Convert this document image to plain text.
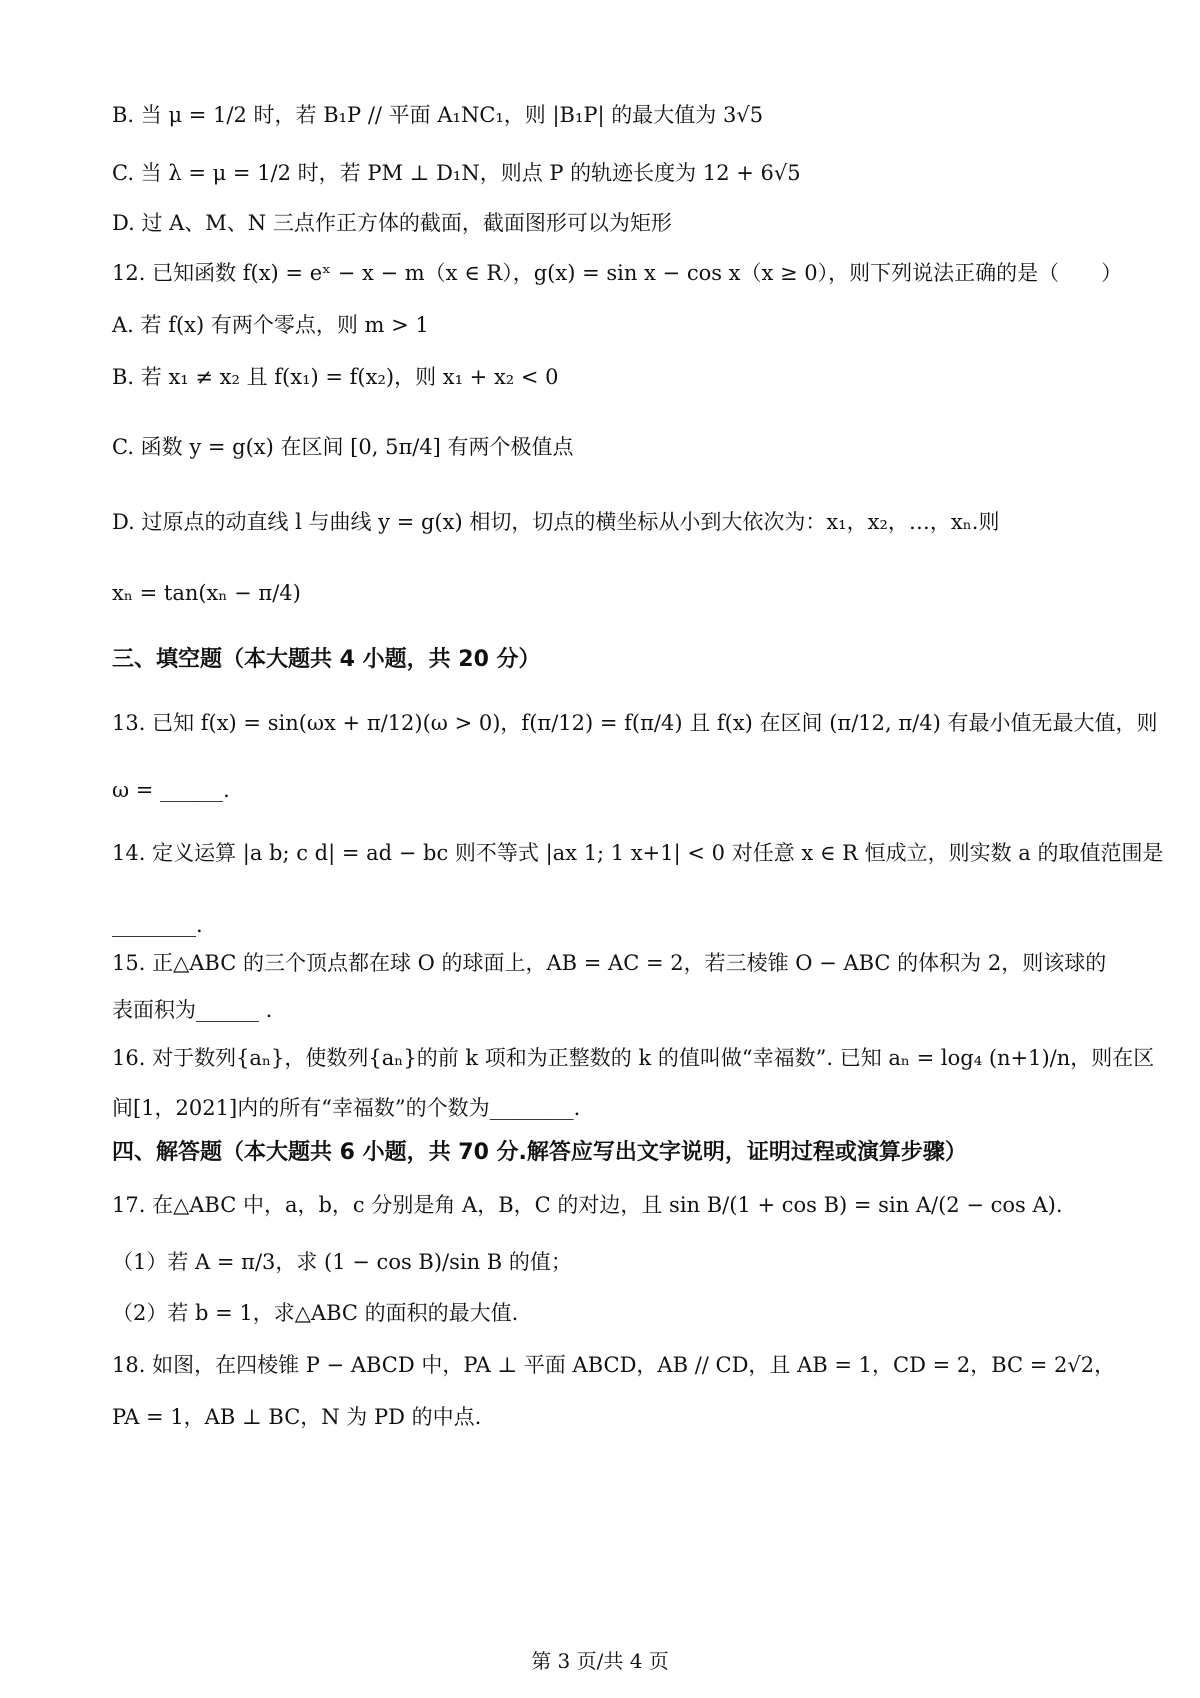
B. 当 μ = 1/2 时，若 B₁P // 平面 A₁NC₁，则 |B₁P| 的最大值为 3√5
C. 当 λ = μ = 1/2 时，若 PM ⊥ D₁N，则点 P 的轨迹长度为 12 + 6√5
D. 过 A、M、N 三点作正方体的截面，截面图形可以为矩形
12. 已知函数 f(x) = eˣ − x − m（x ∈ R），g(x) = sin x − cos x（x ≥ 0），则下列说法正确的是（　　）
A. 若 f(x) 有两个零点，则 m > 1
B. 若 x₁ ≠ x₂ 且 f(x₁) = f(x₂)，则 x₁ + x₂ < 0
C. 函数 y = g(x) 在区间 [0, 5π/4] 有两个极值点
D. 过原点的动直线 l 与曲线 y = g(x) 相切，切点的横坐标从小到大依次为：x₁，x₂，…，xₙ.则
xₙ = tan(xₙ − π/4)
三、填空题（本大题共 4 小题，共 20 分）
13. 已知 f(x) = sin(ωx + π/12)(ω > 0)，f(π/12) = f(π/4) 且 f(x) 在区间 (π/12, π/4) 有最小值无最大值，则
ω = ______.
14. 定义运算 |a b; c d| = ad − bc 则不等式 |ax 1; 1 x+1| < 0 对任意 x ∈ R 恒成立，则实数 a 的取值范围是
________.
15. 正△ABC 的三个顶点都在球 O 的球面上，AB = AC = 2，若三棱锥 O − ABC 的体积为 2，则该球的
表面积为______ .
16. 对于数列{aₙ}，使数列{aₙ}的前 k 项和为正整数的 k 的值叫做“幸福数”. 已知 aₙ = log₄ (n+1)/n，则在区
间[1，2021]内的所有“幸福数”的个数为________.
四、解答题（本大题共 6 小题，共 70 分.解答应写出文字说明，证明过程或演算步骤）
17. 在△ABC 中，a，b，c 分别是角 A，B，C 的对边，且 sin B/(1 + cos B) = sin A/(2 − cos A).
（1）若 A = π/3，求 (1 − cos B)/sin B 的值；
（2）若 b = 1，求△ABC 的面积的最大值.
18. 如图，在四棱锥 P − ABCD 中，PA ⊥ 平面 ABCD，AB // CD，且 AB = 1，CD = 2，BC = 2√2，
PA = 1，AB ⊥ BC，N 为 PD 的中点.
第 3 页/共 4 页
